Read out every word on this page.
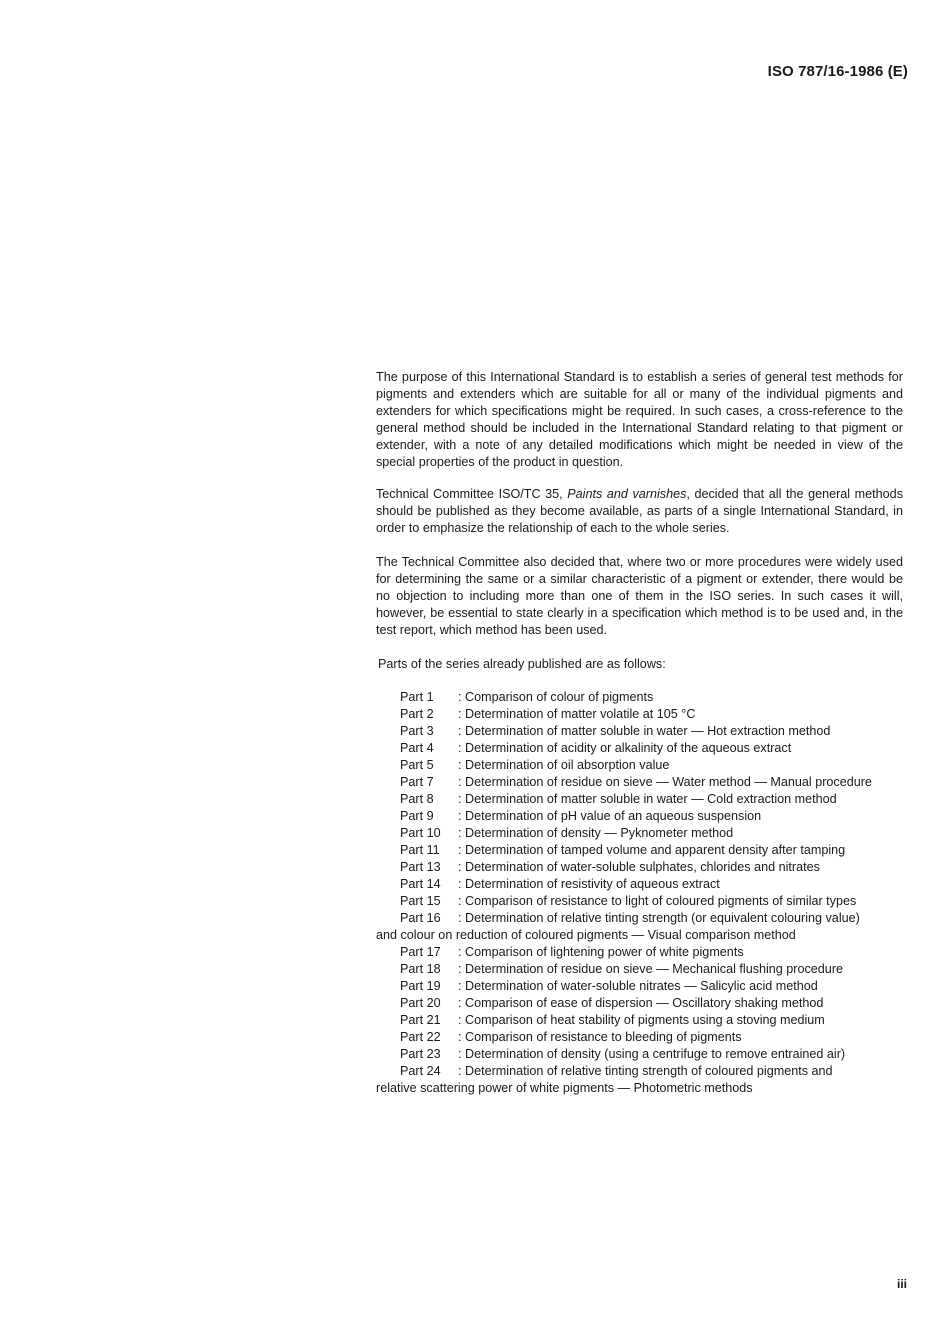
ISO 787/16-1986 (E)

The purpose of this International Standard is to establish a series of general test methods for pigments and extenders which are suitable for all or many of the individual pigments and extenders for which specifications might be required. In such cases, a cross-reference to the general method should be included in the International Standard relating to that pigment or extender, with a note of any detailed modifications which might be needed in view of the special properties of the product in question.

Technical Committee ISO/TC 35, Paints and varnishes, decided that all the general methods should be published as they become available, as parts of a single International Standard, in order to emphasize the relationship of each to the whole series.

The Technical Committee also decided that, where two or more procedures were widely used for determining the same or a similar characteristic of a pigment or extender, there would be no objection to including more than one of them in the ISO series. In such cases it will, however, be essential to state clearly in a specification which method is to be used and, in the test report, which method has been used.

Parts of the series already published are as follows:

Part 1 : Comparison of colour of pigments
Part 2 : Determination of matter volatile at 105 °C
Part 3 : Determination of matter soluble in water — Hot extraction method
Part 4 : Determination of acidity or alkalinity of the aqueous extract
Part 5 : Determination of oil absorption value
Part 7 : Determination of residue on sieve — Water method — Manual procedure
Part 8 : Determination of matter soluble in water — Cold extraction method
Part 9 : Determination of pH value of an aqueous suspension
Part 10 : Determination of density — Pyknometer method
Part 11 : Determination of tamped volume and apparent density after tamping
Part 13 : Determination of water-soluble sulphates, chlorides and nitrates
Part 14 : Determination of resistivity of aqueous extract
Part 15 : Comparison of resistance to light of coloured pigments of similar types
Part 16 : Determination of relative tinting strength (or equivalent colouring value)
and colour on reduction of coloured pigments — Visual comparison method
Part 17 : Comparison of lightening power of white pigments
Part 18 : Determination of residue on sieve — Mechanical flushing procedure
Part 19 : Determination of water-soluble nitrates — Salicylic acid method
Part 20 : Comparison of ease of dispersion — Oscillatory shaking method
Part 21 : Comparison of heat stability of pigments using a stoving medium
Part 22 : Comparison of resistance to bleeding of pigments
Part 23 : Determination of density (using a centrifuge to remove entrained air)
Part 24 : Determination of relative tinting strength of coloured pigments and
relative scattering power of white pigments — Photometric methods
iii
